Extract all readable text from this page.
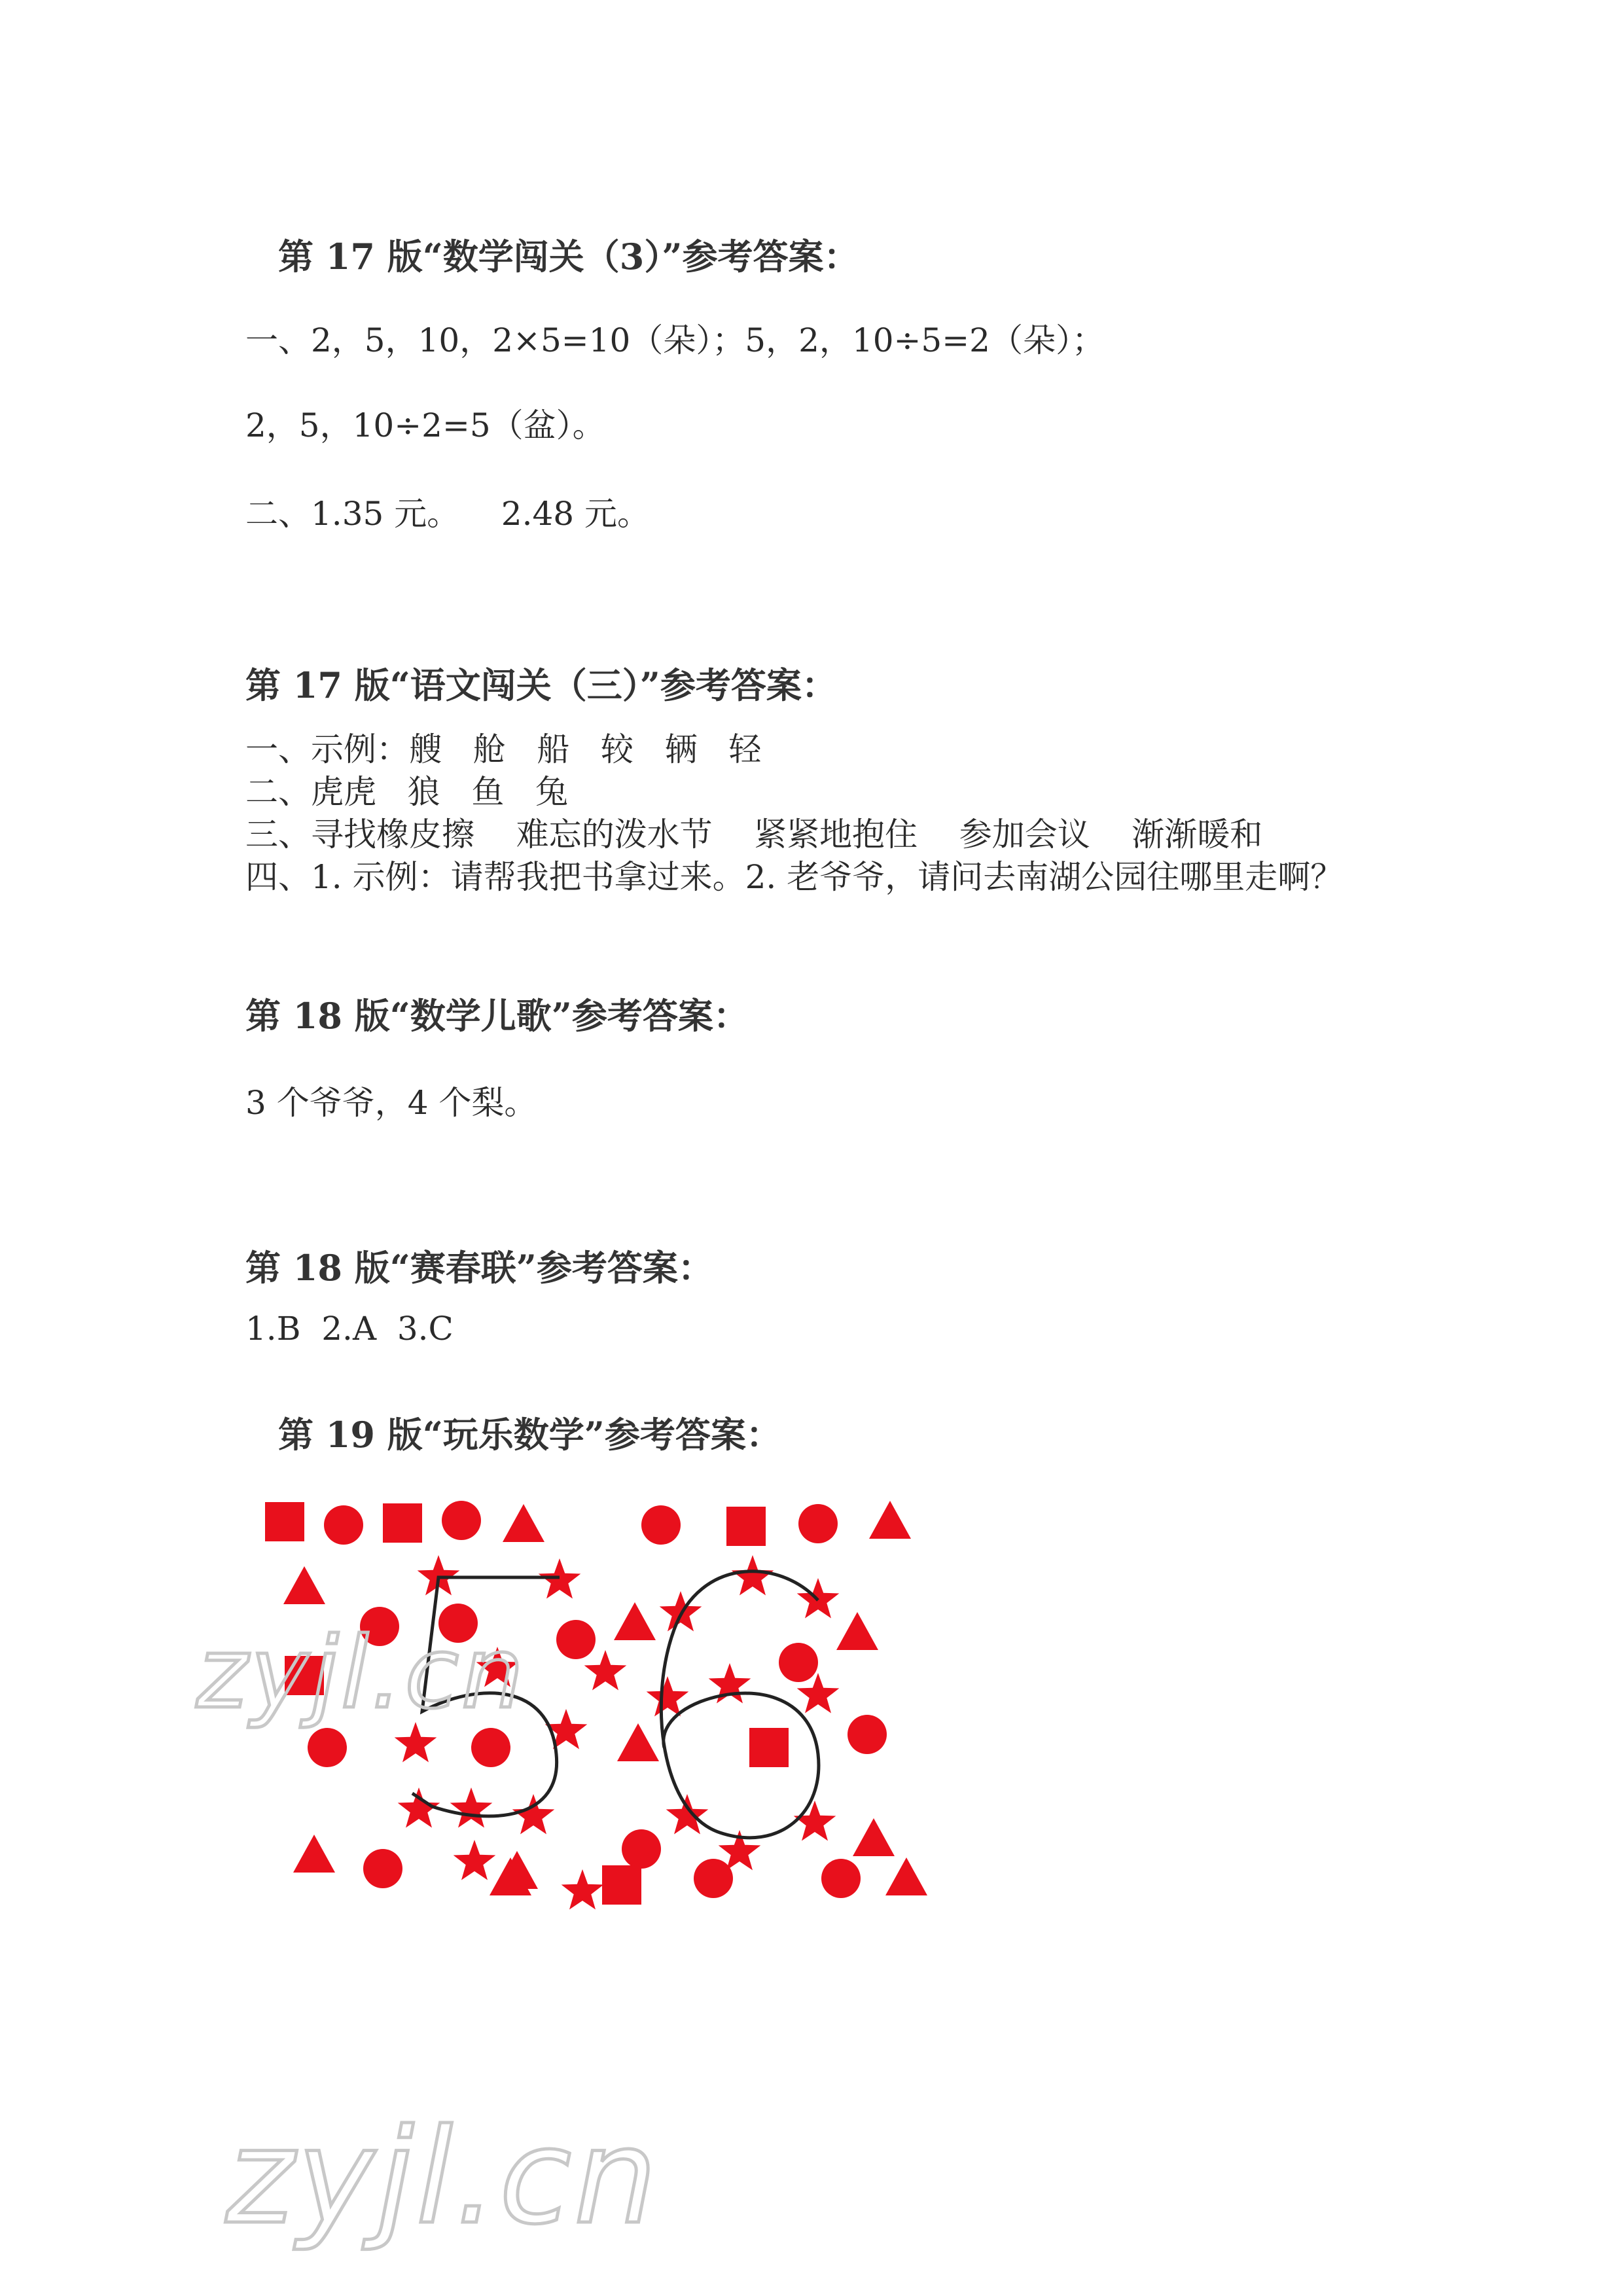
第 17 版“数学闯关（3）”参考答案：
一、2，5，10，2×5=10（朵）；5，2，10÷5=2（朵）；
2，5，10÷2=5（盆）。
二、1.35 元。    2.48 元。
第 17 版“语文闯关（三）”参考答案：
一、示例：艘   舱   船   较   辆   轻
二、虎虎   狼   鱼   兔
三、寻找橡皮擦    难忘的泼水节    紧紧地抱住    参加会议    渐渐暖和
四、1. 示例：请帮我把书拿过来。2. 老爷爷，请问去南湖公园往哪里走啊？
第 18 版“数学儿歌”参考答案：
3 个爷爷，4 个梨。
第 18 版“赛春联”参考答案：
1.B  2.A  3.C
第 19 版“玩乐数学”参考答案：
zyjl.cn
zyjl.cn
